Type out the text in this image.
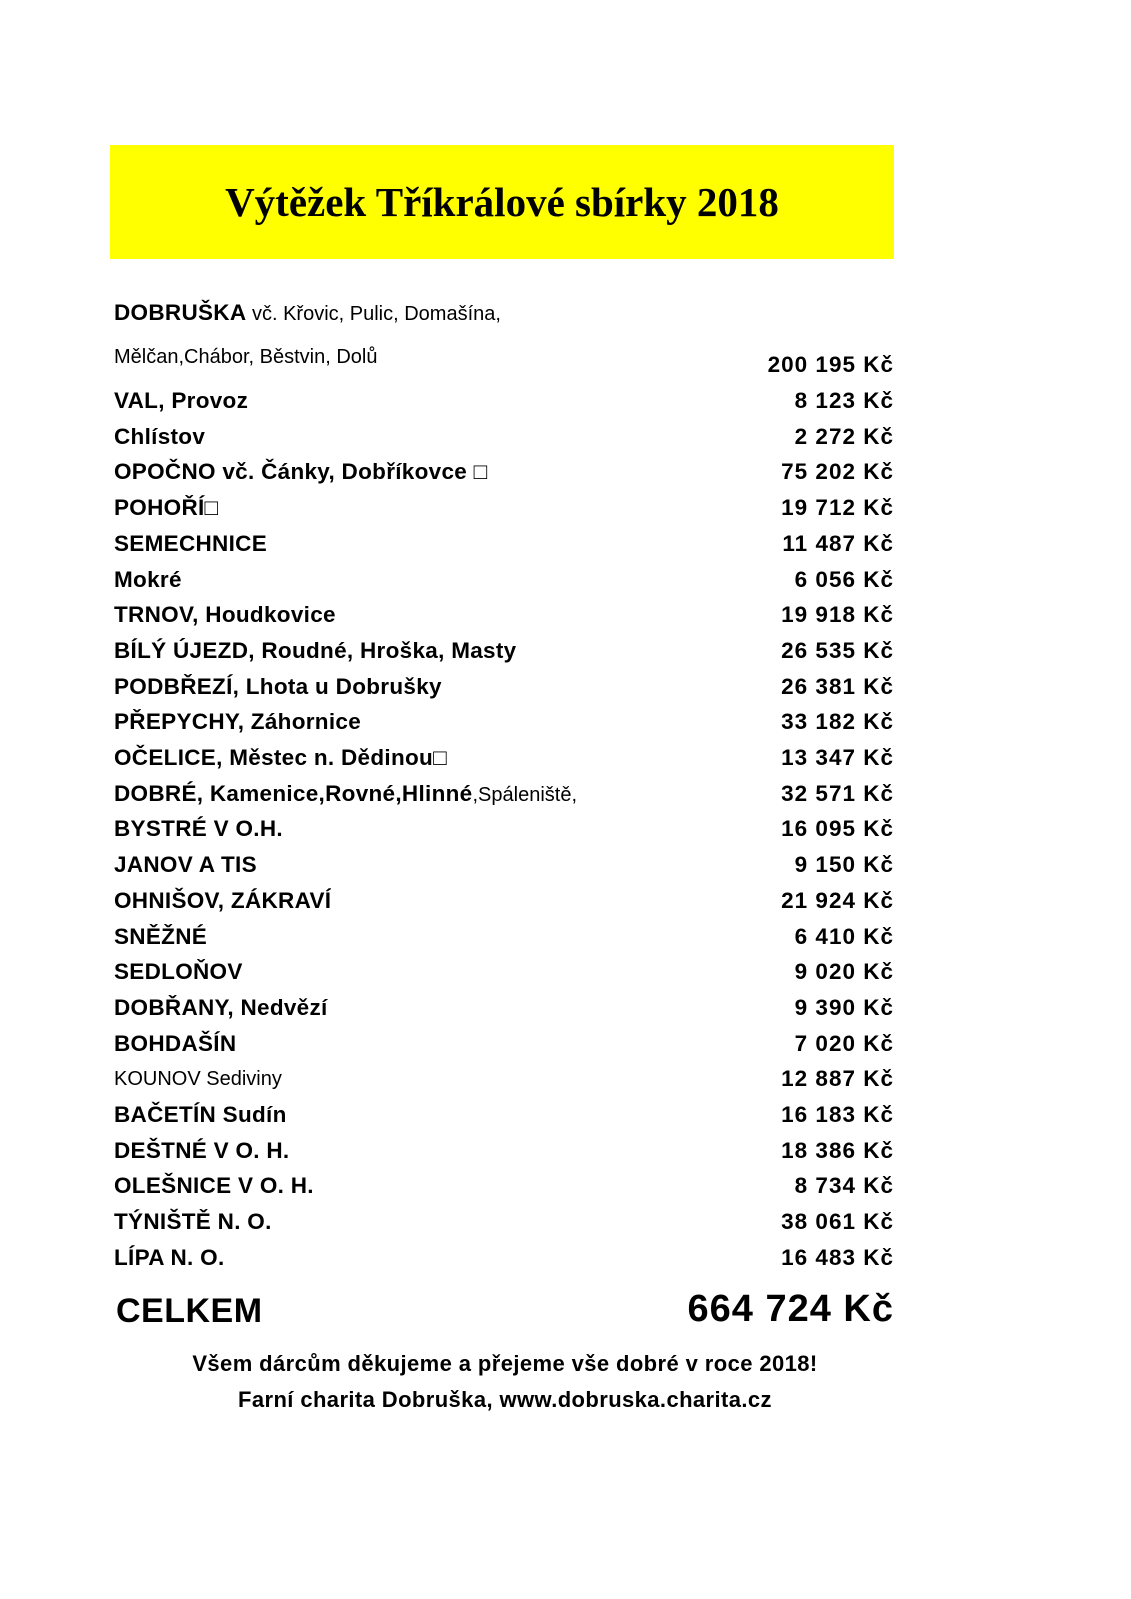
Výtěžek Tříkrálové sbírky 2018
DOBRUŠKA vč. Křovic, Pulic, Domašína,
Mělčan,Chábor, Běstvin, Dolů	200 195 Kč
VAL, Provoz	8 123 Kč
Chlístov	2 272 Kč
OPOČNO vč. Čánky, Dobříkovce □	75 202 Kč
POHOŘÍ□	19 712 Kč
SEMECHNICE	11 487 Kč
Mokré	6 056 Kč
TRNOV, Houdkovice	19 918 Kč
BÍLÝ ÚJEZD, Roudné, Hroška, Masty	26 535 Kč
PODBŘEZÍ, Lhota u Dobrušky	26 381 Kč
PŘEPYCHY, Záhornice	33 182 Kč
OČELICE, Městec n. Dědinou□	13 347 Kč
DOBRÉ, Kamenice,Rovné,Hlinné,Spáleniště,	32 571 Kč
BYSTRÉ V O.H.	16 095 Kč
JANOV A TIS	9 150 Kč
OHNIŠOV, ZÁKRAVÍ	21 924 Kč
SNĚŽNÉ	6 410 Kč
SEDLOŇOV	9 020 Kč
DOBŘANY, Nedvězí	9 390 Kč
BOHDAŠÍN	7 020 Kč
KOUNOV Sediviny	12 887 Kč
BAČETÍN Sudín	16 183 Kč
DEŠTNÉ V O. H.	18 386 Kč
OLEŠNICE V O. H.	8 734 Kč
TÝNIŠTĚ N. O.	38 061 Kč
LÍPA N. O.	16 483 Kč
CELKEM	664 724 Kč
Všem dárcům děkujeme a přejeme vše dobré v roce 2018!
Farní charita Dobruška, www.dobruska.charita.cz
